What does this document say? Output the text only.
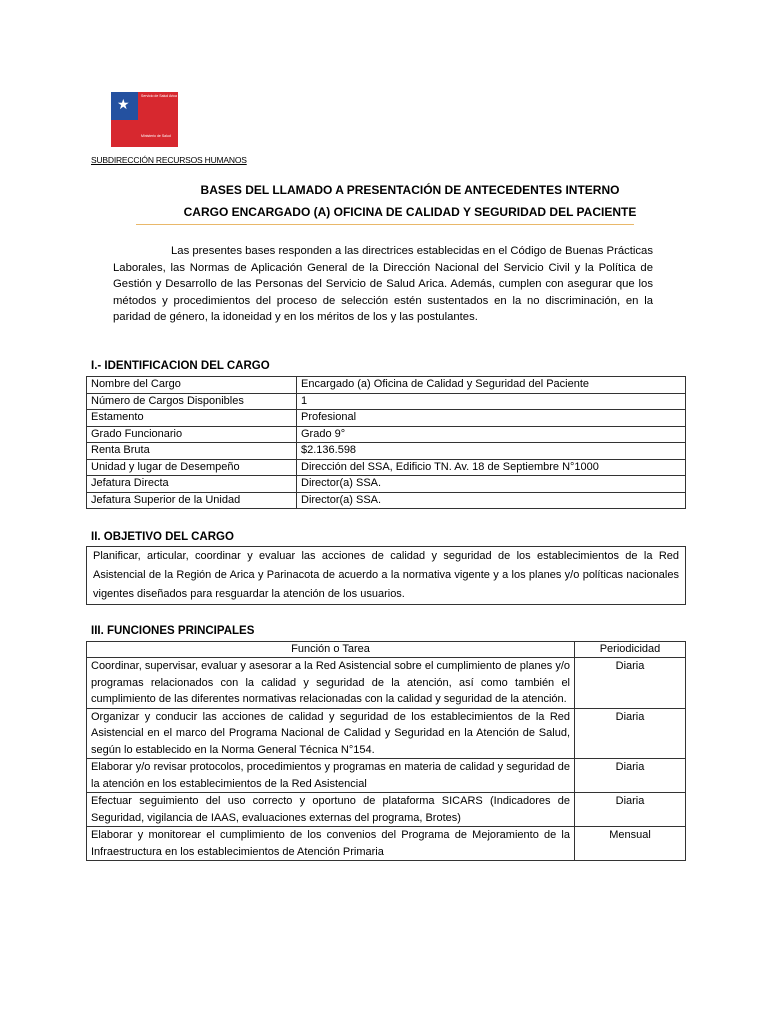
★	Servicio de Salud Arica
Ministerio de Salud
SUBDIRECCIÓN RECURSOS HUMANOS
BASES DEL LLAMADO A PRESENTACIÓN DE ANTECEDENTES INTERNO
CARGO ENCARGADO (A) OFICINA DE CALIDAD Y SEGURIDAD DEL PACIENTE
Las presentes bases responden a las directrices establecidas en el Código de Buenas Prácticas Laborales, las Normas de Aplicación General de la Dirección Nacional del Servicio Civil y la Política de Gestión y Desarrollo de las Personas del Servicio de Salud Arica. Además, cumplen con asegurar que los métodos y procedimientos del proceso de selección estén sustentados en la no discriminación, en la paridad de género, la idoneidad y en los méritos de los y las postulantes.
I.- IDENTIFICACION DEL CARGO
Nombre del Cargo	Encargado (a) Oficina de Calidad y Seguridad del Paciente
Número de Cargos Disponibles	1
Estamento	Profesional
Grado Funcionario	Grado 9°
Renta Bruta	$2.136.598
Unidad y lugar de Desempeño	Dirección del SSA, Edificio TN. Av. 18 de Septiembre N°1000
Jefatura Directa	Director(a) SSA.
Jefatura Superior de la Unidad	Director(a) SSA.
II. OBJETIVO DEL CARGO
Planificar, articular, coordinar y evaluar las acciones de calidad y seguridad de los establecimientos de la Red Asistencial de la Región de Arica y Parinacota de acuerdo a la normativa vigente y a los planes y/o políticas nacionales vigentes diseñados para resguardar la atención de los usuarios.
III. FUNCIONES PRINCIPALES
Función o Tarea	Periodicidad
Coordinar, supervisar, evaluar y asesorar a la Red Asistencial sobre el cumplimiento de planes y/o programas relacionados con la calidad y seguridad de la atención, así como también el cumplimiento de las diferentes normativas relacionadas con la calidad y seguridad de la atención.	Diaria
Organizar y conducir las acciones de calidad y seguridad de los establecimientos de la Red Asistencial en el marco del Programa Nacional de Calidad y Seguridad en la Atención de Salud, según lo establecido en la Norma General Técnica N°154.	Diaria
Elaborar y/o revisar protocolos, procedimientos y programas en materia de calidad y seguridad de la atención en los establecimientos de la Red Asistencial	Diaria
Efectuar seguimiento del uso correcto y oportuno de plataforma SICARS (Indicadores de Seguridad, vigilancia de IAAS, evaluaciones externas del programa, Brotes)	Diaria
Elaborar y monitorear el cumplimiento de los convenios del Programa de Mejoramiento de la Infraestructura en los establecimientos de Atención Primaria	Mensual
